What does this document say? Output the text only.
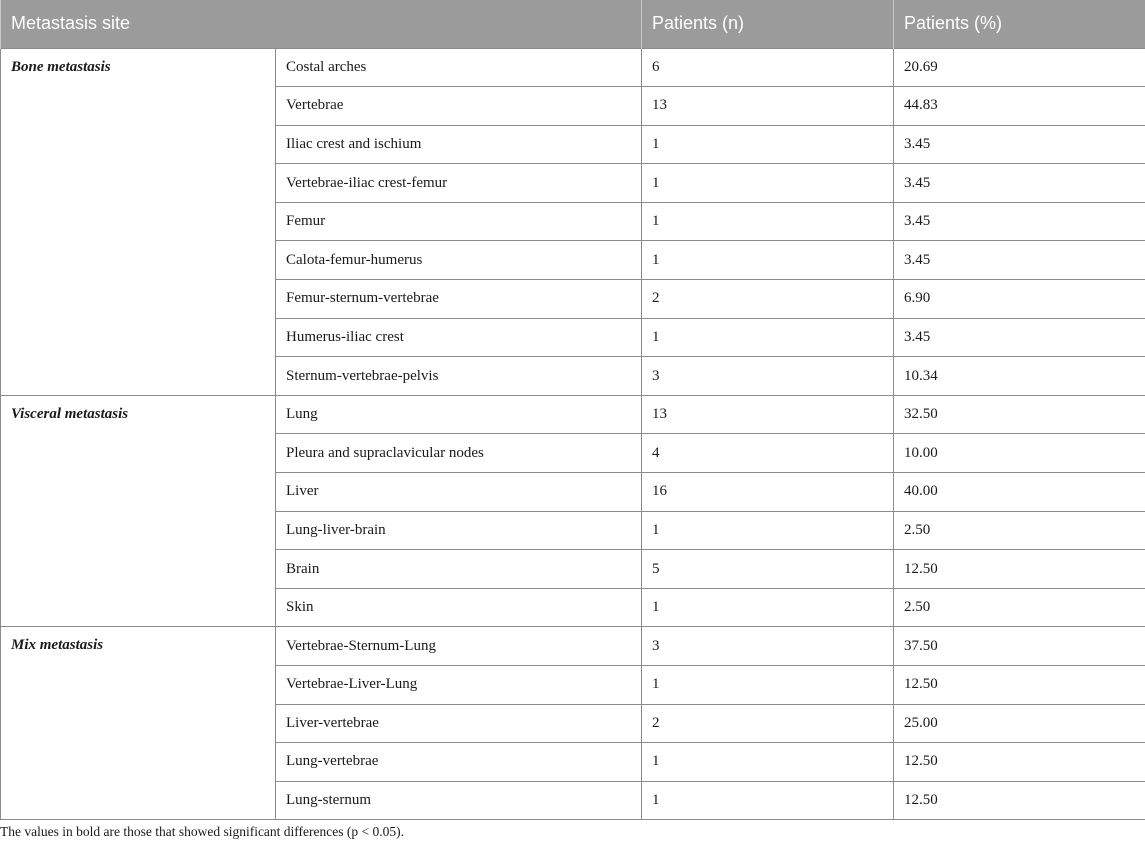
Metastasis site		Patients (n)	Patients (%)
Bone metastasis	Costal arches	6	20.69
	Vertebrae	13	44.83
	Iliac crest and ischium	1	3.45
	Vertebrae-iliac crest-femur	1	3.45
	Femur	1	3.45
	Calota-femur-humerus	1	3.45
	Femur-sternum-vertebrae	2	6.90
	Humerus-iliac crest	1	3.45
	Sternum-vertebrae-pelvis	3	10.34
Visceral metastasis	Lung	13	32.50
	Pleura and supraclavicular nodes	4	10.00
	Liver	16	40.00
	Lung-liver-brain	1	2.50
	Brain	5	12.50
	Skin	1	2.50
Mix metastasis	Vertebrae-Sternum-Lung	3	37.50
	Vertebrae-Liver-Lung	1	12.50
	Liver-vertebrae	2	25.00
	Lung-vertebrae	1	12.50
	Lung-sternum	1	12.50
The values in bold are those that showed significant differences (p < 0.05).
